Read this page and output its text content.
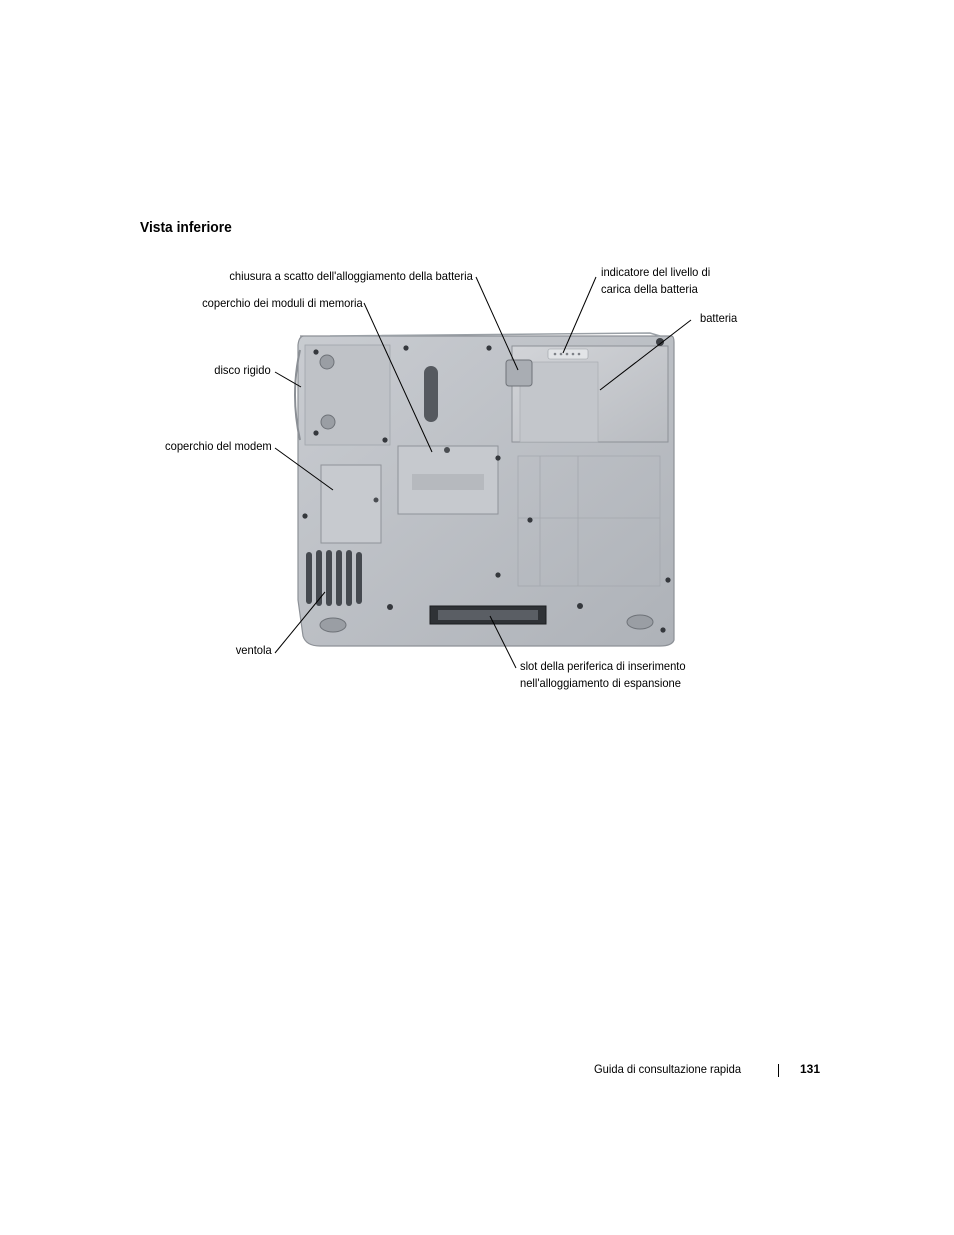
Vista inferiore
chiusura a scatto dell'alloggiamento della batteria
coperchio dei moduli di memoria
disco rigido
coperchio del modem
ventola
indicatore del livello di
carica della batteria
batteria
slot della periferica di inserimento
nell'alloggiamento di espansione
Guida di consultazione rapida	131
